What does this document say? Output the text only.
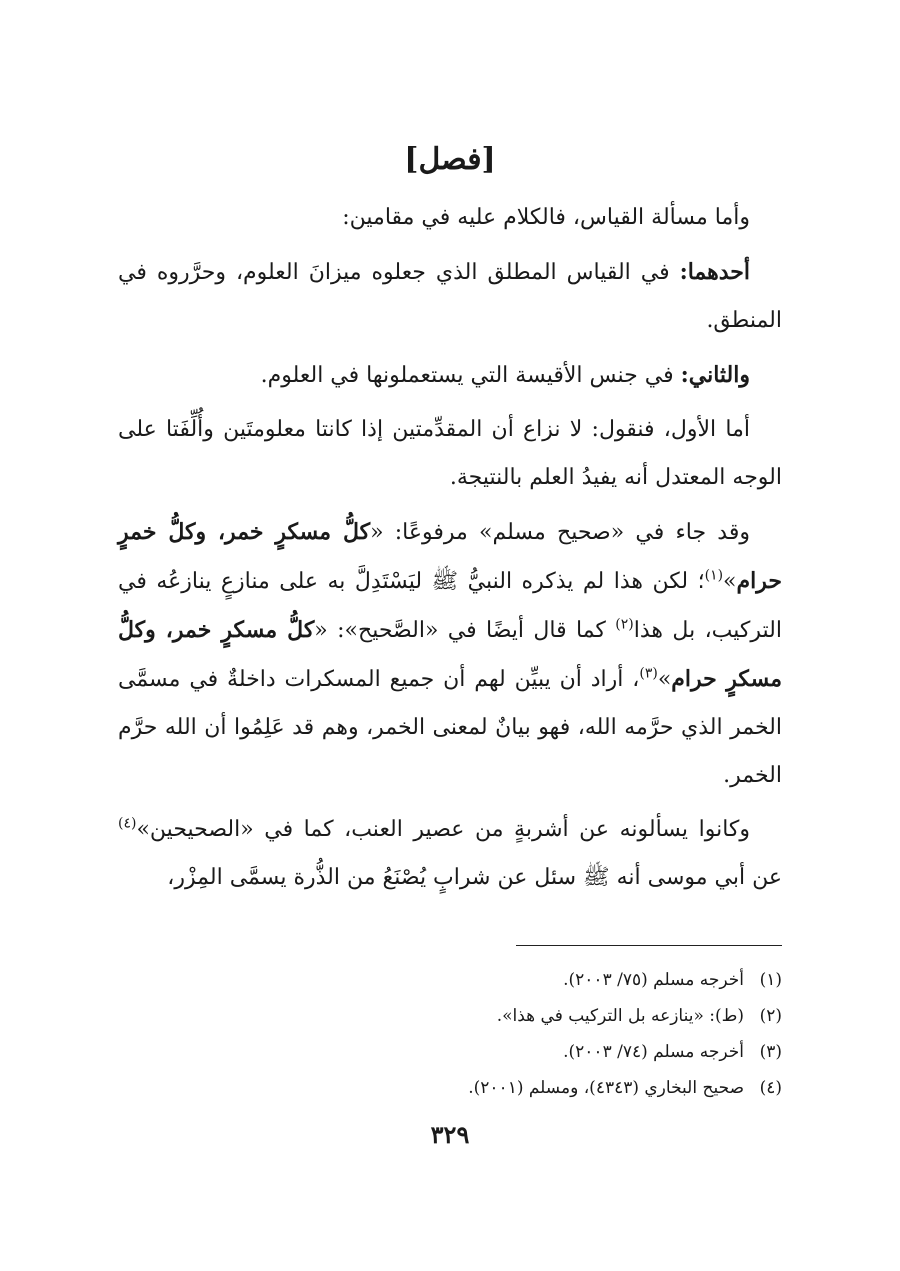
[فصل]

وأما مسألة القياس، فالكلام عليه في مقامين:

أحدهما: في القياس المطلق الذي جعلوه ميزانَ العلوم، وحرَّروه في المنطق.

والثاني: في جنس الأقيسة التي يستعملونها في العلوم.

أما الأول، فنقول: لا نزاع أن المقدِّمتين إذا كانتا معلومتَين وأُلِّفَتا على الوجه المعتدل أنه يفيدُ العلم بالنتيجة.

وقد جاء في «صحيح مسلم» مرفوعًا: «كلُّ مسكرٍ خمر، وكلُّ خمرٍ حرام»$^{(١)}$؛ لكن هذا لم يذكره النبيُّ ﷺ ليَسْتَدِلَّ به على منازعٍ ينازعُه في التركيب، بل هذا$^{(٢)}$ كما قال أيضًا في «الصَّحيح»: «كلُّ مسكرٍ خمر، وكلُّ مسكرٍ حرام»$^{(٣)}$، أراد أن يبيِّن لهم أن جميع المسكرات داخلةٌ في مسمَّى الخمر الذي حرَّمه الله، فهو بيانٌ لمعنى الخمر، وهم قد عَلِمُوا أن الله حرَّم الخمر.

وكانوا يسألونه عن أشربةٍ من عصير العنب، كما في «الصحيحين»$^{(٤)}$ عن أبي موسى أنه ﷺ سئل عن شرابٍ يُصْنَعُ من الذُّرة يسمَّى المِزْر،

(١)أخرجه مسلم (٧٥/ ٢٠٠٣).

(٢)(ط): «ينازعه بل التركيب في هذا».

(٣)أخرجه مسلم (٧٤/ ٢٠٠٣).

(٤)صحيح البخاري (٤٣٤٣)، ومسلم (٢٠٠١).

٣٢٩
